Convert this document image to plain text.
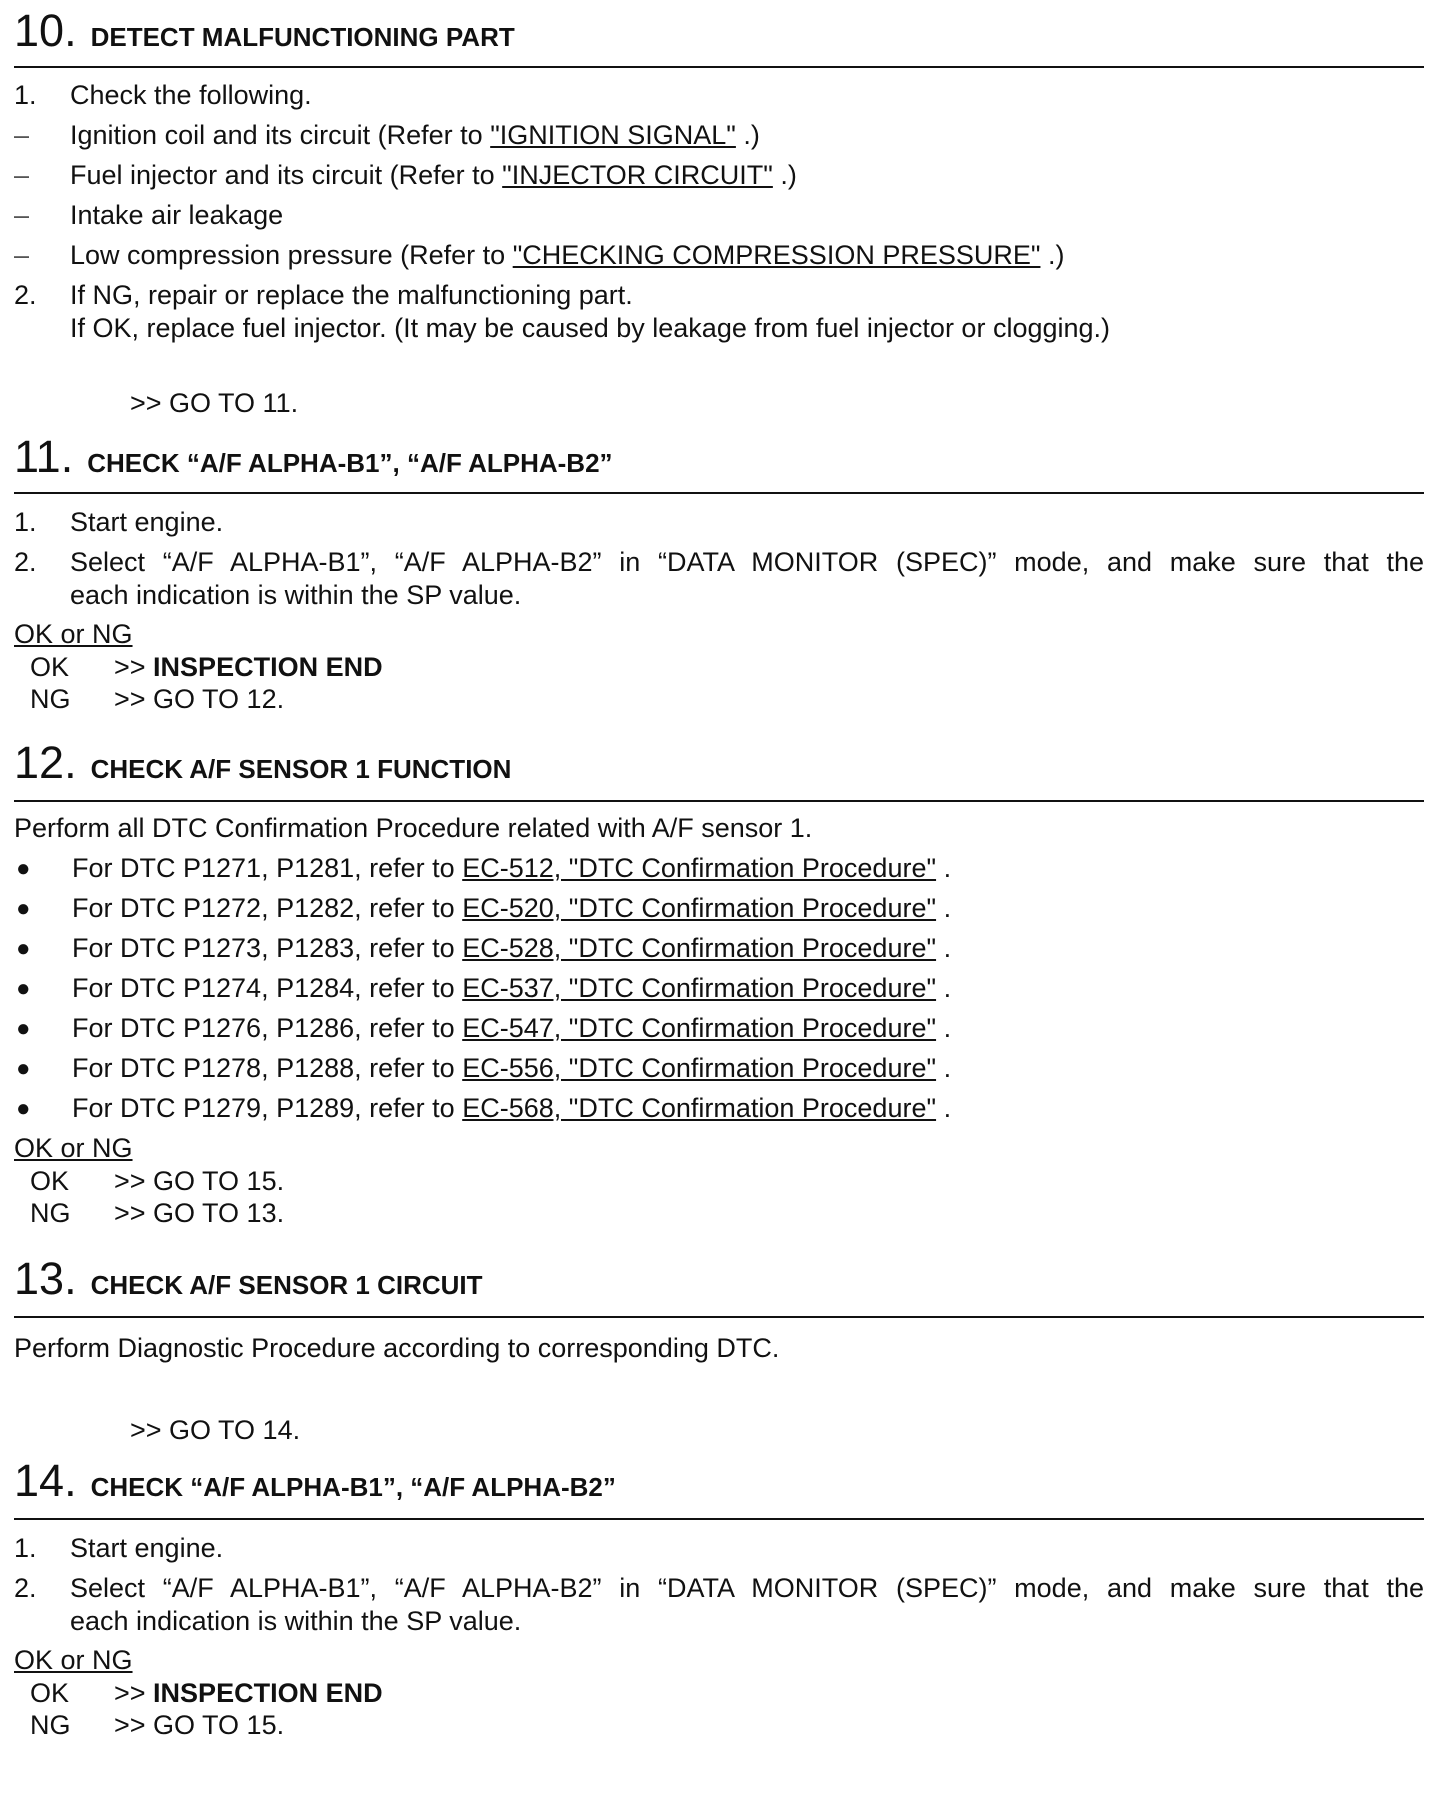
10 .	DETECT MALFUNCTIONING PART
1.	Check the following.
–	Ignition coil and its circuit (Refer to "IGNITION SIGNAL" .)
–	Fuel injector and its circuit (Refer to "INJECTOR CIRCUIT" .)
–	Intake air leakage
–	Low compression pressure (Refer to "CHECKING COMPRESSION PRESSURE" .)
2.	If NG, repair or replace the malfunctioning part.
If OK, replace fuel injector. (It may be caused by leakage from fuel injector or clogging.)
>> GO TO 11.
11 .	CHECK “A/F ALPHA-B1”, “A/F ALPHA-B2”
1.	Start engine.
2.	Select “A/F ALPHA-B1”, “A/F ALPHA-B2” in “DATA MONITOR (SPEC)” mode, and make sure that the
each indication is within the SP value.
OK or NG
OK	>> INSPECTION END
NG	>> GO TO 12.
12 .	CHECK A/F SENSOR 1 FUNCTION
Perform all DTC Confirmation Procedure related with A/F sensor 1.
●	For DTC P1271, P1281, refer to EC-512, "DTC Confirmation Procedure" .
●	For DTC P1272, P1282, refer to EC-520, "DTC Confirmation Procedure" .
●	For DTC P1273, P1283, refer to EC-528, "DTC Confirmation Procedure" .
●	For DTC P1274, P1284, refer to EC-537, "DTC Confirmation Procedure" .
●	For DTC P1276, P1286, refer to EC-547, "DTC Confirmation Procedure" .
●	For DTC P1278, P1288, refer to EC-556, "DTC Confirmation Procedure" .
●	For DTC P1279, P1289, refer to EC-568, "DTC Confirmation Procedure" .
OK or NG
OK	>> GO TO 15.
NG	>> GO TO 13.
13 .	CHECK A/F SENSOR 1 CIRCUIT
Perform Diagnostic Procedure according to corresponding DTC.
>> GO TO 14.
14 .	CHECK “A/F ALPHA-B1”, “A/F ALPHA-B2”
1.	Start engine.
2.	Select “A/F ALPHA-B1”, “A/F ALPHA-B2” in “DATA MONITOR (SPEC)” mode, and make sure that the
each indication is within the SP value.
OK or NG
OK	>> INSPECTION END
NG	>> GO TO 15.
